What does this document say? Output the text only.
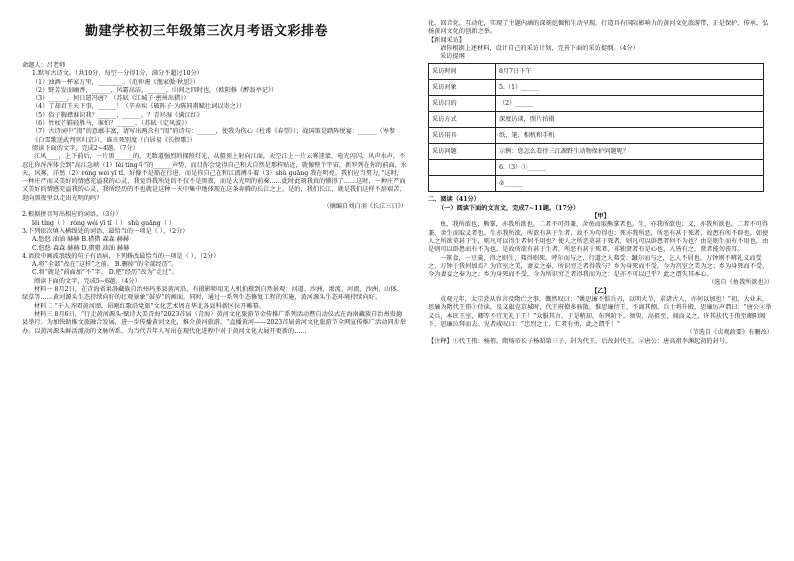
勤建学校初三年级第三次月考语文彩排卷

命题人：吕老师

1.默写古诗文。（共10分，每空一分得1分，满分不超过10分）

（1）浊酒一杯家万里，________。（范仲淹《渔家傲·秋思》）

（2）野芳发而幽香，______，风霜高洁，______，山间之四时也。（欧阳修《醉翁亭记》）

（3）______，何日遣冯唐？（苏轼《江城子·密州出猎》）

（4）了却君王天下事，______！（辛弃疾《破阵子·为陈同甫赋壮词以寄之》）

（5）俗子胸襟谁识我？______，______。？青衫湿《满江红》

（6）竹杖芒鞋轻胜马，谁怕？______。（苏轼《定风波》）

（7）古诗词中“闺”的意蕴丰富，请写出两含有“闺”的诗句：______，使我为伤心（杜甫《春望》）；战国策是踏阵悦宴：______（岑参《白雪歌送武判官归京》），谁言死别度（白居易《长恨歌》）

阅读下面的文字，完成2~4题。（7分）

江风____，上下前后，一片黑______的，无数道强烈的探照灯光，从船顶上射向江面，天空江上一片云雾迷蒙，电光闪闪，风声水声，不忍让你浑浑体会到“高江急峡（1）lěi tíng斗”的______声势，而目你会觉得自己和大自然是那样贴近，就像整个宇宙，新罗列在你的前面。水天，风雾，洋然（2）róng wéi yī tǐ，好像不是船在行进，而是你自己在和江流搏斗着（3）shǔ guāng 我在明亮。我们应当努力。”这时，一种庄严而又美好的情感充溢我的心灵，我觉得我所处的不仅不是黑夜，而是大光明的前奏……此时此刻我真的懂得了……这时，一种庄严而又美好的情感充溢我的心灵，我所经历的不也就是这种一天中集中地体现在这条奔腾的长江之上。是的，我们长江，就是我们这样不辞艰苦、迎向黑夜里以走出光明的吗？

（摘编自刘白羽《长江三日》）

2.根据拼音写出相应的词语。（3分）

lěi tíng（ ） róng wéi yī tǐ（ ） shǔ guāng（ ）

3.下列依次填入横线处的词语，最恰当的一项是（ ）。（2分）

A.悠悠 油油 赫赫 B.猎猎 森森 赫赫

C.悠悠 森森 赫赫 D.猎猎 油油 赫赫

4.语段中画波浪线的句子有语病，下列修改最恰当的一项是（ ）。（2分）

A.将“全部”改在“这样”之前。 B.删掉“的全部经历”。

C.将“就是”前面加“不”字。 D.把“经历”改为“走过”。

阅读下面的文字，完成5~6题。（4分）

材料一 8月2日，在青海省果洛藏族自治州玛多县黄河沿，有摄影师用无人机拍摄到自然景观：河道、沙洲、渗流、河流、沙洲、山体、绿草等……黄河源头生态持续向好的壮观景象“鼓岁”的画面。同时，通过一系列生态修复工程的实施，黄河源头生态环境持续向好。

材料二 “千人齐唱黄河颂，昂刚红歌沿党旅”文化艺术周在华北各县科新区拉开帷幕。

材料三 8月6日，“行走黄河源头·赋诗大美青海”2023首届（青海）黄河文化旅游节金传推广系列活动暨自动仪式在海南藏族自治州贵德县举行。为加快助推文旅融合发展，进一步传播黄河文化，推介黄河旅游，“直播黄河——2023首届黄河文化旅游节全网宣传推广活动同步举办。以黄河源头鲜活流动的文脉所系，为当代青年人写出在现代化进程中对于黄河文化大展开更新的……

化，回音化，互动化，实现了主题内涵的深刻挖掘和生动呈现，打造具有国际影响力的黄河文化旅游带，正是保护、传承、弘扬黄河文化的创新之举。

【新闻采访】

请你根据上述材料，设计自己的采访计划，完善下面的采访提纲。（4分）

采访提纲

采访时间	8月7日下午
采访对象	5.（1）______
采访目的	（2）______
采访方式	深度访谈，照片拍摄
采访用具	纸、笔、相机和手机
采访问题	示例：您怎么看待三江源野生动物保护问题呢？
	6.（3）①______
	②______

二、阅读（41分）

（一）阅读下面的文言文，完成7~11题。（17分）

【甲】

鱼，我所欲也；熊掌，亦我所欲也。二者不可得兼，舍鱼而取熊掌者也。生，亦我所欲也；义，亦我所欲也。二者不可得兼，舍生而取义者也。生亦我所欲，所欲有甚于生者，故不为苟得也；死亦我所恶，所恶有甚于死者，故患有所不辟也。如使人之所欲莫甚于生，则凡可以得生者何不用也？使人之所恶莫甚于死者，则凡可以辟患者何不为也？由是则生而有不用也，由是则可以辟患而有不为也。是故所欲有甚于生者，所恶有甚于死者，非独贤者有是心也，人皆有之，贤者能勿丧耳。

一箪食，一豆羹，得之则生，弗得则死。呼尔而与之，行道之人弗受；蹴尔而与之，乞人不屑也。万钟则不辨礼义而受之，万钟于我何加焉？为宫室之美，妻妾之奉，所识穷乏者得我与？乡为身死而不受，今为宫室之美为之；乡为身死而不受，今为妻妾之奉为之；乡为身死而不受，今为所识穷乏者得我而为之：是亦不可以已乎？此之谓失其本心。

（选自《鱼我所欲也》）

【乙】

贞观元年，太宗尝从容言及隋亡之事，慨然叹曰：“姚思廉不惧兵刃，以明大节，求诸古人，亦何以加也！”初，大业末，思廉为隋代王侑①侍读，及义旗克京城时，代王府僚多骇散，惟思廉侍王，不离其侧。兵士将升殿，思廉厉声谓曰：“唐公②举义兵，本匡王室，卿等不宜无礼于王！”众服其言，于是稍却，布列阶下。须臾，高祖至，闻而义之，许其扶代王侑至顺阳阁下，思廉泣拜而去。见者咸叹曰：“忠烈之士，仁者有勇，此之谓乎！”

（节选自《贞观政要》有删改）

【注释】①代王侑：杨侑，隋炀帝长子杨昭第三子，封为代王，后改封代王。②唐公：唐高祖李渊起初的封号。
